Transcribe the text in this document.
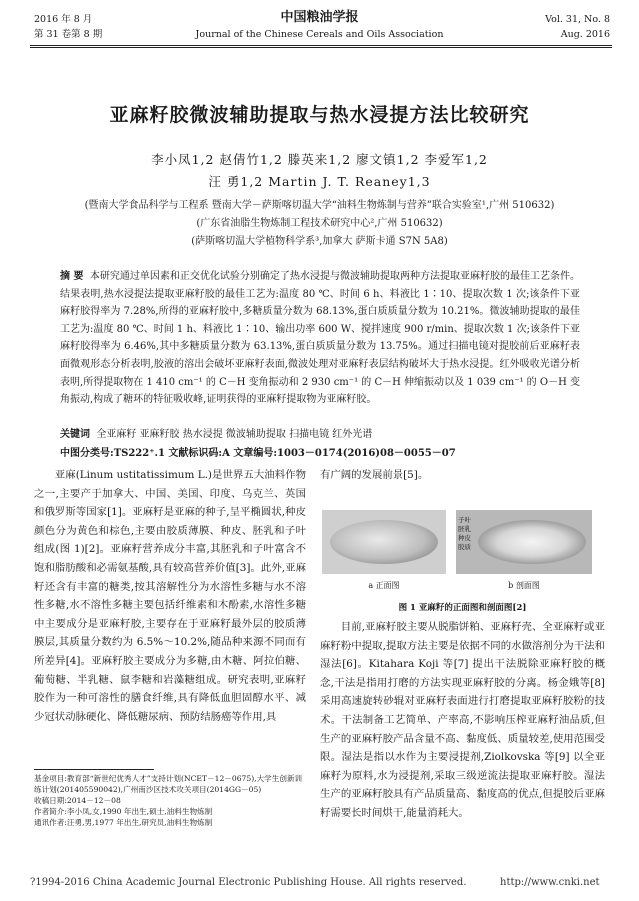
2016 年 8 月
第 31 卷第 8 期
中国粮油学报
Journal of the Chinese Cereals and Oils Association
Vol. 31, No. 8
Aug. 2016
亚麻籽胶微波辅助提取与热水浸提方法比较研究
李小凤1,2 赵倩竹1,2 滕英来1,2 廖文镇1,2 李爱军1,2
汪 勇1,2 Martin J. T. Reaney1,3
(暨南大学食品科学与工程系 暨南大学－萨斯喀切温大学“油料生物炼制与营养”联合实验室¹,广州 510632)
(广东省油脂生物炼制工程技术研究中心²,广州 510632)
(萨斯喀切温大学植物科学系³,加拿大 萨斯卡通 S7N 5A8)
摘 要 本研究通过单因素和正交优化试验分别确定了热水浸提与微波辅助提取两种方法提取亚麻籽胶的最佳工艺条件。结果表明,热水浸提法提取亚麻籽胶的最佳工艺为:温度 80 ℃、时间 6 h、料液比 1∶10、提取次数 1 次;该条件下亚麻籽胶得率为 7.28%,所得的亚麻籽胶中,多糖质量分数为 68.13%,蛋白质质量分数为 10.21%。微波辅助提取的最佳工艺为:温度 80 ℃、时间 1 h、料液比 1∶10、输出功率 600 W、搅拌速度 900 r/min、提取次数 1 次;该条件下亚麻籽胶得率为 6.46%,其中多糖质量分数为 63.13%,蛋白质质量分数为 13.75%。通过扫描电镜对提胶前后亚麻籽表面微观形态分析表明,胶液的溶出会破坏亚麻籽表面,微波处理对亚麻籽表层结构破坏大于热水浸提。红外吸收光谱分析表明,所得提取物在 1 410 cm⁻¹ 的 C－H 变角振动和 2 930 cm⁻¹ 的 C－H 伸缩振动以及 1 039 cm⁻¹ 的 O－H 变角振动,构成了糖环的特征吸收峰,证明获得的亚麻籽提取物为亚麻籽胶。
关键词 全亚麻籽 亚麻籽胶 热水浸提 微波辅助提取 扫描电镜 红外光谱
中图分类号:TS222⁺.1 文献标识码:A 文章编号:1003－0174(2016)08－0055－07

亚麻(Linum ustitatissimum L.)是世界五大油料作物之一,主要产于加拿大、中国、美国、印度、乌克兰、英国和俄罗斯等国家[1]。亚麻籽是亚麻的种子,呈平椭圆状,种皮颜色分为黄色和棕色,主要由胶质薄膜、种皮、胚乳和子叶组成(图 1)[2]。亚麻籽营养成分丰富,其胚乳和子叶富含不饱和脂肪酸和必需氨基酸,具有较高营养价值[3]。此外,亚麻籽还含有丰富的糖类,按其溶解性分为水溶性多糖与水不溶性多糖,水不溶性多糖主要包括纤维素和木酚素,水溶性多糖中主要成分是亚麻籽胶,主要存在于亚麻籽最外层的胶质薄膜层,其质量分数约为 6.5%～10.2%,随品种来源不同而有所差异[4]。亚麻籽胶主要成分为多糖,由木糖、阿拉伯糖、葡萄糖、半乳糖、鼠李糖和岩藻糖组成。研究表明,亚麻籽胶作为一种可溶性的膳食纤维,具有降低血胆固醇水平、减少冠状动脉硬化、降低糖尿病、预防结肠癌等作用,具

基金项目:教育部“新世纪优秀人才”支持计划(NCET－12－0675),大学生创新训练计划(201405590042),广州南沙区技术攻关项目(2014GG－05)
收稿日期:2014－12－08
作者简介:李小凤,女,1990 年出生,硕士,油料生物炼制
通讯作者:汪勇,男,1977 年出生,研究员,油料生物炼制
有广阔的发展前景[5]。
子叶
胚乳
种皮
胶质
a 正面图	b 剖面图
图 1 亚麻籽的正面图和剖面图[2]

目前,亚麻籽胶主要从脱脂饼粕、亚麻籽壳、全亚麻籽或亚麻籽粉中提取,提取方法主要是依据不同的水做溶剂分为干法和湿法[6]。Kitahara Koji 等[7] 提出干法脱除亚麻籽胶的概念,干法是指用打磨的方法实现亚麻籽胶的分离。杨金娥等[8] 采用高速旋转砂辊对亚麻籽表面进行打磨提取亚麻籽胶粉的技术。干法制备工艺简单、产率高,不影响压榨亚麻籽油品质,但生产的亚麻籽胶产品含量不高、黏度低、质量较差,使用范围受限。湿法是指以水作为主要浸提剂,Ziolkovska 等[9] 以全亚麻籽为原料,水为浸提剂,采取三级逆流法提取亚麻籽胶。湿法生产的亚麻籽胶具有产品质量高、黏度高的优点,但提胶后亚麻籽需要长时间烘干,能量消耗大。

?1994-2016 China Academic Journal Electronic Publishing House. All rights reserved.	http://www.cnki.net
